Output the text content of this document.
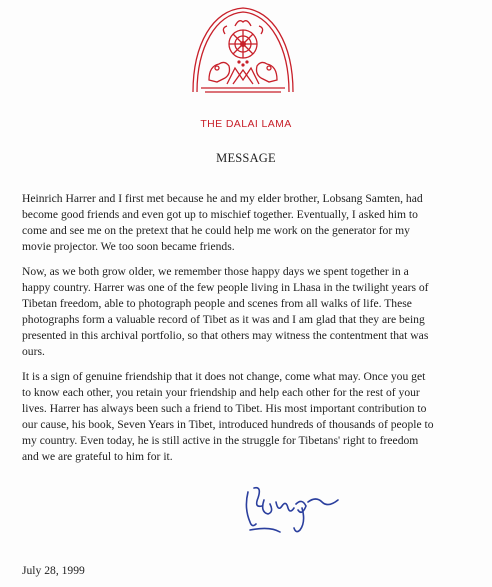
THE DALAI LAMA
MESSAGE
Heinrich Harrer and I first met because he and my elder brother, Lobsang Samten, had
become good friends and even got up to mischief together. Eventually, I asked him to
come and see me on the pretext that he could help me work on the generator for my
movie projector. We too soon became friends.
Now, as we both grow older, we remember those happy days we spent together in a
happy country. Harrer was one of the few people living in Lhasa in the twilight years of
Tibetan freedom, able to photograph people and scenes from all walks of life. These
photographs form a valuable record of Tibet as it was and I am glad that they are being
presented in this archival portfolio, so that others may witness the contentment that was
ours.
It is a sign of genuine friendship that it does not change, come what may. Once you get
to know each other, you retain your friendship and help each other for the rest of your
lives. Harrer has always been such a friend to Tibet. His most important contribution to
our cause, his book, Seven Years in Tibet, introduced hundreds of thousands of people to
my country. Even today, he is still active in the struggle for Tibetans' right to freedom
and we are grateful to him for it.
July 28, 1999
